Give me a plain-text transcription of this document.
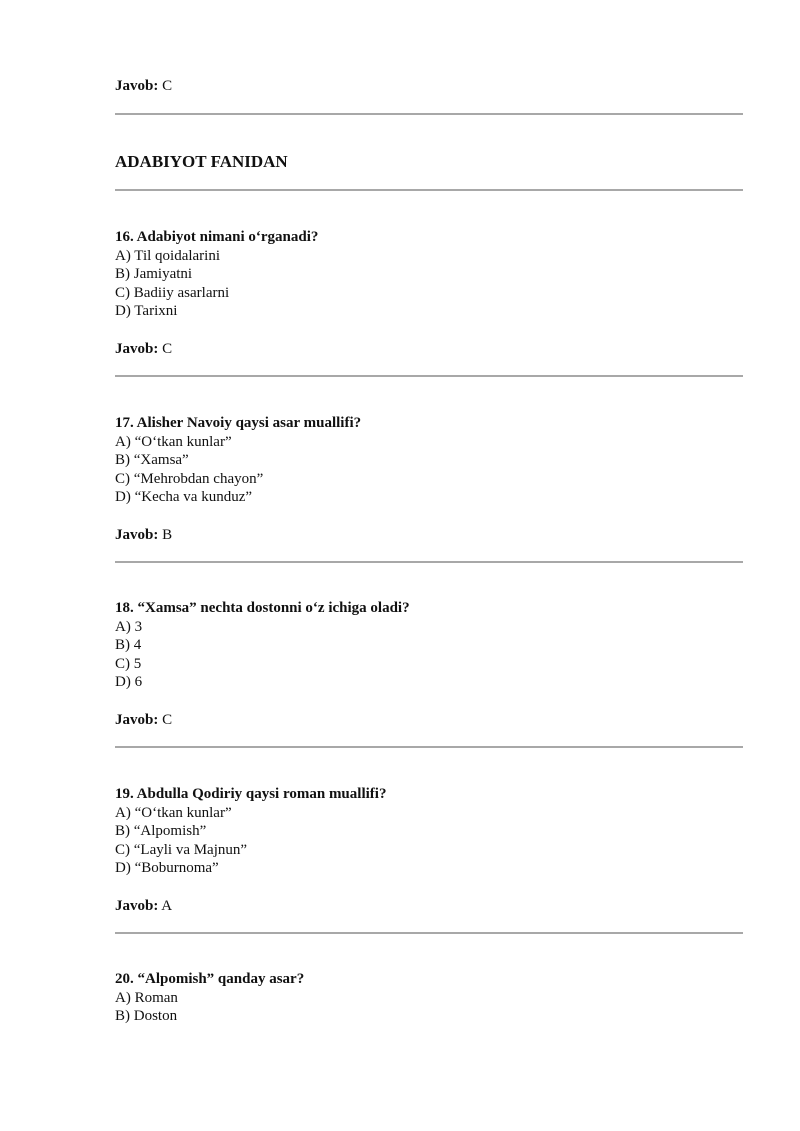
Javob: C
ADABIYOT FANIDAN
16. Adabiyot nimani o‘rganadi?
A) Til qoidalarini
B) Jamiyatni
C) Badiiy asarlarni
D) Tarixni
Javob: C
17. Alisher Navoiy qaysi asar muallifi?
A) “O‘tkan kunlar”
B) “Xamsa”
C) “Mehrobdan chayon”
D) “Kecha va kunduz”
Javob: B
18. “Xamsa” nechta dostonni o‘z ichiga oladi?
A) 3
B) 4
C) 5
D) 6
Javob: C
19. Abdulla Qodiriy qaysi roman muallifi?
A) “O‘tkan kunlar”
B) “Alpomish”
C) “Layli va Majnun”
D) “Boburnoma”
Javob: A
20. “Alpomish” qanday asar?
A) Roman
B) Doston
